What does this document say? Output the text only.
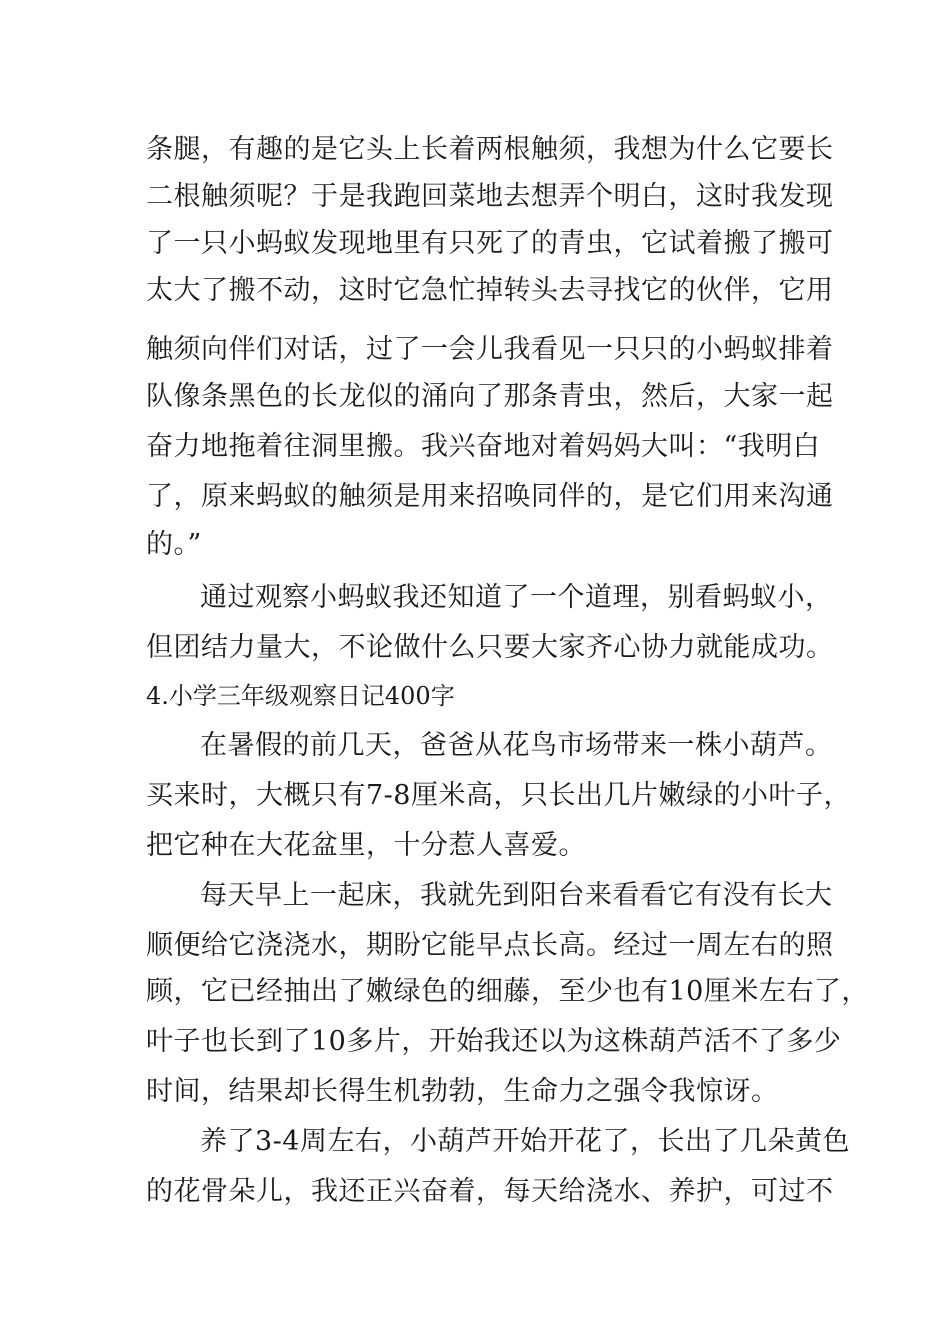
条腿，有趣的是它头上长着两根触须，我想为什么它要长
二根触须呢？于是我跑回菜地去想弄个明白，这时我发现
了一只小蚂蚁发现地里有只死了的青虫，它试着搬了搬可
太大了搬不动，这时它急忙掉转头去寻找它的伙伴，它用
触须向伴们对话，过了一会儿我看见一只只的小蚂蚁排着
队像条黑色的长龙似的涌向了那条青虫，然后，大家一起
奋力地拖着往洞里搬。我兴奋地对着妈妈大叫：“我明白
了，原来蚂蚁的触须是用来招唤同伴的，是它们用来沟通
的。”
通过观察小蚂蚁我还知道了一个道理，别看蚂蚁小，
但团结力量大，不论做什么只要大家齐心协力就能成功。
4.小学三年级观察日记400字
在暑假的前几天，爸爸从花鸟市场带来一株小葫芦。
买来时，大概只有7-8厘米高，只长出几片嫩绿的小叶子，
把它种在大花盆里，十分惹人喜爱。
每天早上一起床，我就先到阳台来看看它有没有长大
顺便给它浇浇水，期盼它能早点长高。经过一周左右的照
顾，它已经抽出了嫩绿色的细藤，至少也有10厘米左右了，
叶子也长到了10多片，开始我还以为这株葫芦活不了多少
时间，结果却长得生机勃勃，生命力之强令我惊讶。
养了3-4周左右，小葫芦开始开花了，长出了几朵黄色
的花骨朵儿，我还正兴奋着，每天给浇水、养护，可过不
